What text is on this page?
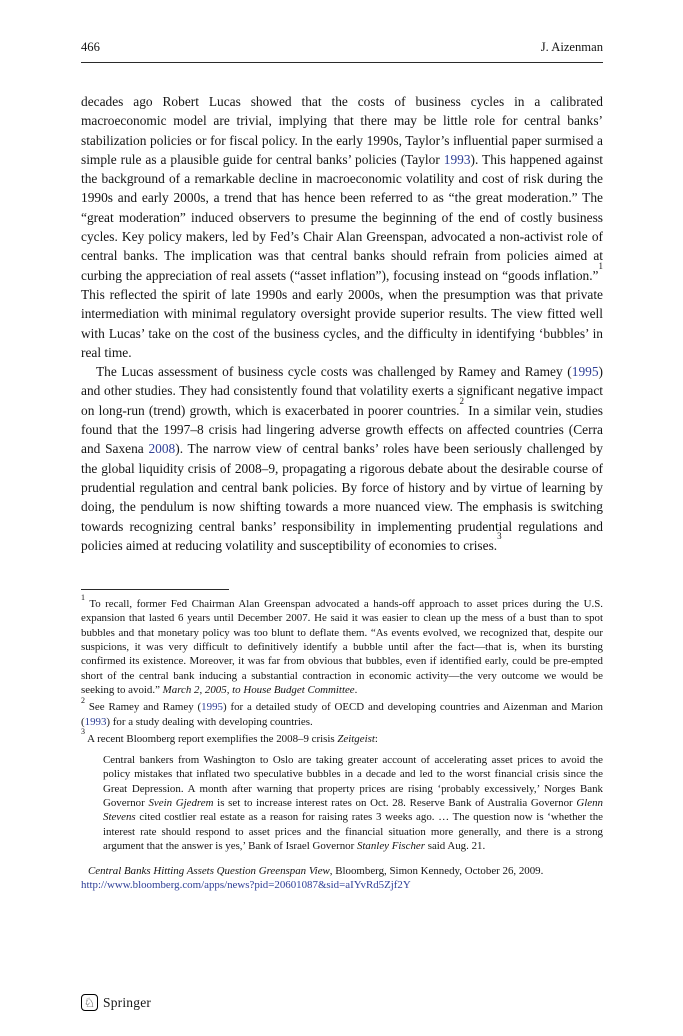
466	J. Aizenman

decades ago Robert Lucas showed that the costs of business cycles in a calibrated macroeconomic model are trivial, implying that there may be little role for central banks’ stabilization policies or for fiscal policy. In the early 1990s, Taylor’s influential paper surmised a simple rule as a plausible guide for central banks’ policies (Taylor 1993). This happened against the background of a remarkable decline in macroeconomic volatility and cost of risk during the 1990s and early 2000s, a trend that has hence been referred to as “the great moderation.” The “great moderation” induced observers to presume the beginning of the end of costly business cycles. Key policy makers, led by Fed’s Chair Alan Greenspan, advocated a non-activist role of central banks. The implication was that central banks should refrain from policies aimed at curbing the appreciation of real assets (“asset inflation”), focusing instead on “goods inflation.”$^1$ This reflected the spirit of late 1990s and early 2000s, when the presumption was that private intermediation with minimal regulatory oversight provide superior results. The view fitted well with Lucas’ take on the cost of the business cycles, and the difficulty in identifying ‘bubbles’ in real time.

The Lucas assessment of business cycle costs was challenged by Ramey and Ramey (1995) and other studies. They had consistently found that volatility exerts a significant negative impact on long-run (trend) growth, which is exacerbated in poorer countries.$^2$ In a similar vein, studies found that the 1997–8 crisis had lingering adverse growth effects on affected countries (Cerra and Saxena 2008). The narrow view of central banks’ roles have been seriously challenged by the global liquidity crisis of 2008–9, propagating a rigorous debate about the desirable course of prudential regulation and central bank policies. By force of history and by virtue of learning by doing, the pendulum is now shifting towards a more nuanced view. The emphasis is switching towards recognizing central banks’ responsibility in implementing prudential regulations and policies aimed at reducing volatility and susceptibility of economies to crises.$^3$

$^1$ To recall, former Fed Chairman Alan Greenspan advocated a hands-off approach to asset prices during the U.S. expansion that lasted 6 years until December 2007. He said it was easier to clean up the mess of a bust than to spot bubbles and that monetary policy was too blunt to deflate them. “As events evolved, we recognized that, despite our suspicions, it was very difficult to definitively identify a bubble until after the fact—that is, when its bursting confirmed its existence. Moreover, it was far from obvious that bubbles, even if identified early, could be pre-empted short of the central bank inducing a substantial contraction in economic activity—the very outcome we would be seeking to avoid.” March 2, 2005, to House Budget Committee.
$^2$ See Ramey and Ramey (1995) for a detailed study of OECD and developing countries and Aizenman and Marion (1993) for a study dealing with developing countries.
$^3$ A recent Bloomberg report exemplifies the 2008–9 crisis Zeitgeist:
Central bankers from Washington to Oslo are taking greater account of accelerating asset prices to avoid the policy mistakes that inflated two speculative bubbles in a decade and led to the worst financial crisis since the Great Depression. A month after warning that property prices are rising ‘probably excessively,’ Norges Bank Governor Svein Gjedrem is set to increase interest rates on Oct. 28. Reserve Bank of Australia Governor Glenn Stevens cited costlier real estate as a reason for raising rates 3 weeks ago. … The question now is ‘whether the interest rate should respond to asset prices and the financial situation more generally, and there is a strong argument that the answer is yes,’ Bank of Israel Governor Stanley Fischer said Aug. 21.
Central Banks Hitting Assets Question Greenspan View, Bloomberg, Simon Kennedy, October 26, 2009.
http://www.bloomberg.com/apps/news?pid=20601087&sid=aIYvRd5Zjf2Y
♘ Springer
